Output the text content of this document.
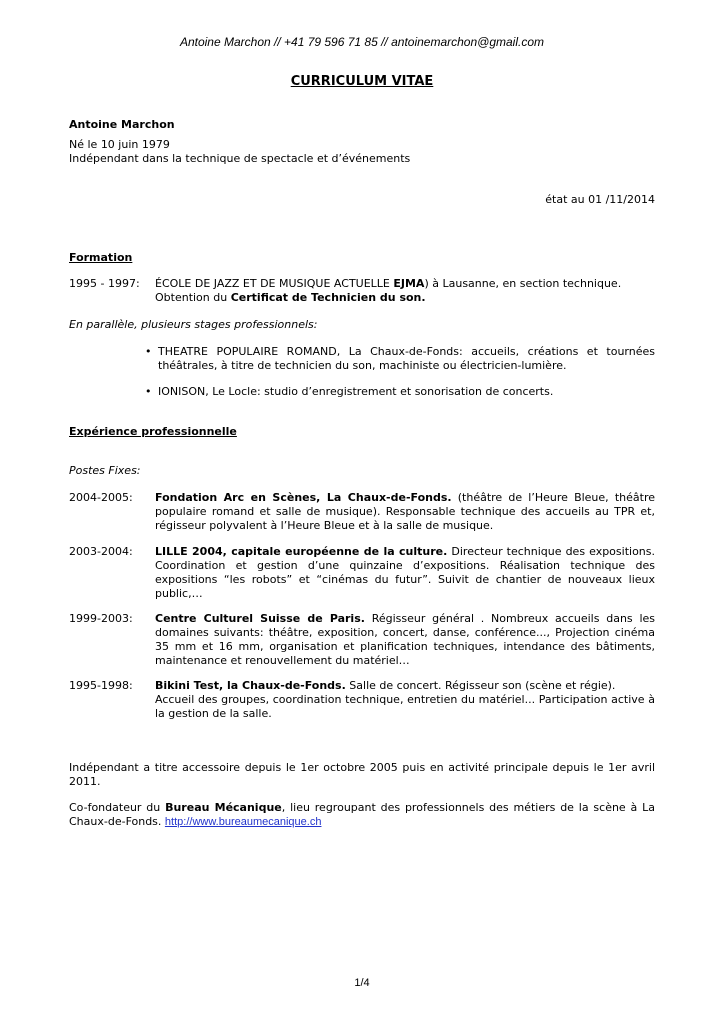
Antoine Marchon // +41 79 596 71 85 // antoinemarchon@gmail.com
CURRICULUM VITAE
Antoine Marchon
Né le 10 juin 1979
Indépendant dans la technique de spectacle et d’événements
état au 01 /11/2014
Formation
1995 - 1997: ÉCOLE DE JAZZ ET DE MUSIQUE ACTUELLE EJMA) à Lausanne, en section technique.
Obtention du Certificat de Technicien du son.
En parallèle, plusieurs stages professionnels:
• THEATRE POPULAIRE ROMAND, La Chaux-de-Fonds: accueils, créations et tournées théâtrales, à titre de technicien du son, machiniste ou électricien-lumière.
• IONISON, Le Locle: studio d’enregistrement et sonorisation de concerts.
Expérience professionnelle
Postes Fixes:
2004-2005: Fondation Arc en Scènes, La Chaux-de-Fonds. (théâtre de l’Heure Bleue, théâtre populaire romand et salle de musique). Responsable technique des accueils au TPR et, régisseur polyvalent à l’Heure Bleue et à la salle de musique.
2003-2004: LILLE 2004, capitale européenne de la culture. Directeur technique des expositions. Coordination et gestion d’une quinzaine d’expositions. Réalisation technique des expositions “les robots” et “cinémas du futur”. Suivit de chantier de nouveaux lieux public,…
1999-2003: Centre Culturel Suisse de Paris. Régisseur général . Nombreux accueils dans les domaines suivants: théâtre, exposition, concert, danse, conférence..., Projection cinéma 35 mm et 16 mm, organisation et planification techniques, intendance des bâtiments, maintenance et renouvellement du matériel…
1995-1998: Bikini Test, la Chaux-de-Fonds. Salle de concert. Régisseur son (scène et régie).
Accueil des groupes, coordination technique, entretien du matériel... Participation active à la gestion de la salle.
Indépendant a titre accessoire depuis le 1er octobre 2005 puis en activité principale depuis le 1er avril 2011.
Co-fondateur du Bureau Mécanique, lieu regroupant des professionnels des métiers de la scène à La Chaux-de-Fonds. http://www.bureaumecanique.ch
1/4
